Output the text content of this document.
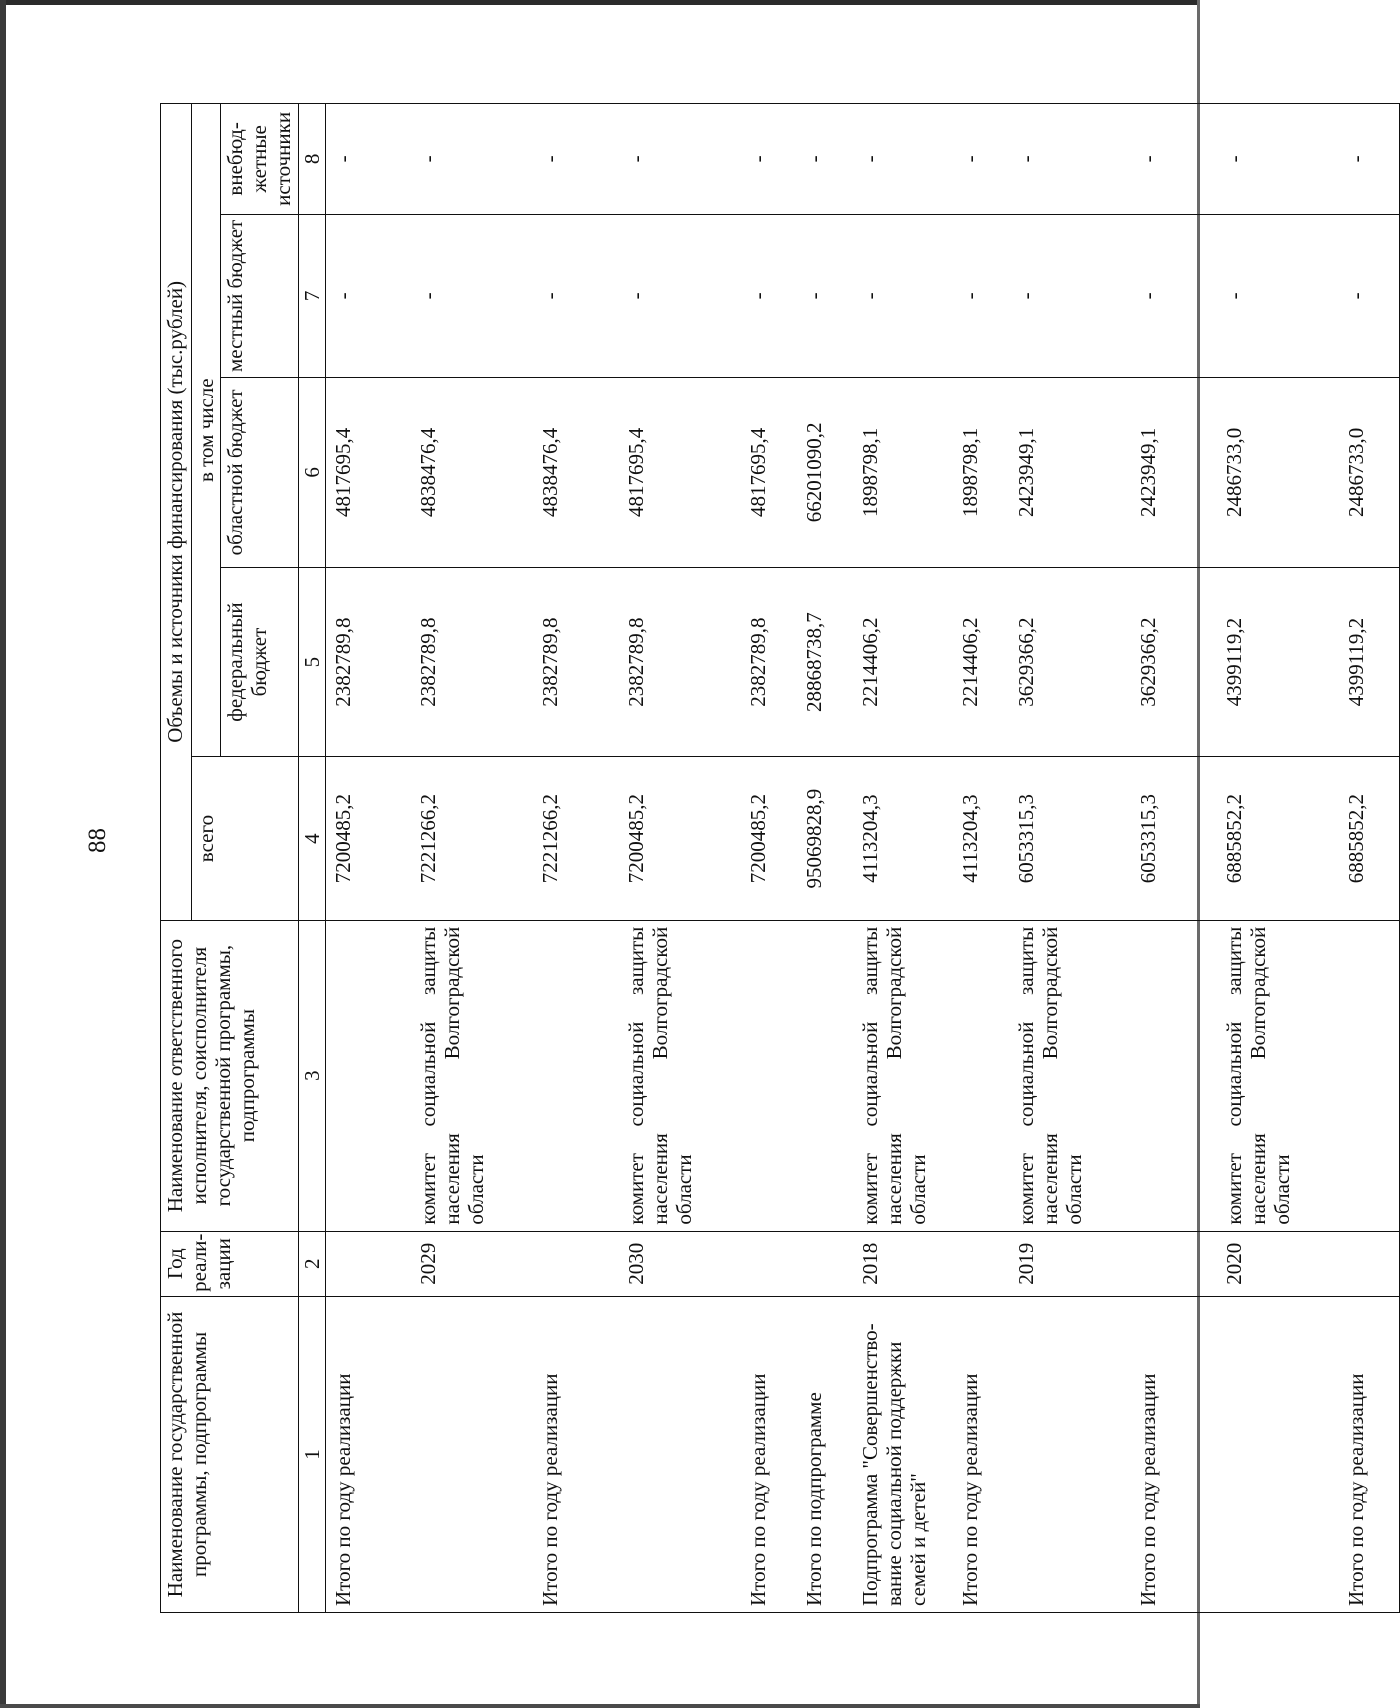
88
Наименование государственной программы, подпрограммы	Год реали-зации	Наименование ответственного исполнителя, соисполнителя государственной программы, подпрограммы	Объемы и источники финансирования (тыс.рублей)				
			всего	в том числе			
				федеральный бюджет	областной бюджет	местный бюджет	внебюд-жетные источники
1	2	3	4	5	6	7	8
Итого по году реализации			7200485,2	2382789,8	4817695,4	-	-
	2029	комитет социальной защиты населения Волгоградской области	7221266,2	2382789,8	4838476,4	-	-
Итого по году реализации			7221266,2	2382789,8	4838476,4	-	-
	2030	комитет социальной защиты населения Волгоградской области	7200485,2	2382789,8	4817695,4	-	-
Итого по году реализации			7200485,2	2382789,8	4817695,4	-	-
Итого по подпрограмме			95069828,9	28868738,7	66201090,2	-	-
Подпрограмма "Совершенство-вание социальной поддержки семей и детей"	2018	комитет социальной защиты населения Волгоградской области	4113204,3	2214406,2	1898798,1	-	-
Итого по году реализации			4113204,3	2214406,2	1898798,1	-	-
	2019	комитет социальной защиты населения Волгоградской области	6053315,3	3629366,2	2423949,1	-	-
Итого по году реализации			6053315,3	3629366,2	2423949,1	-	-
	2020	комитет социальной защиты населения Волгоградской области	6885852,2	4399119,2	2486733,0	-	-
Итого по году реализации			6885852,2	4399119,2	2486733,0	-	-
